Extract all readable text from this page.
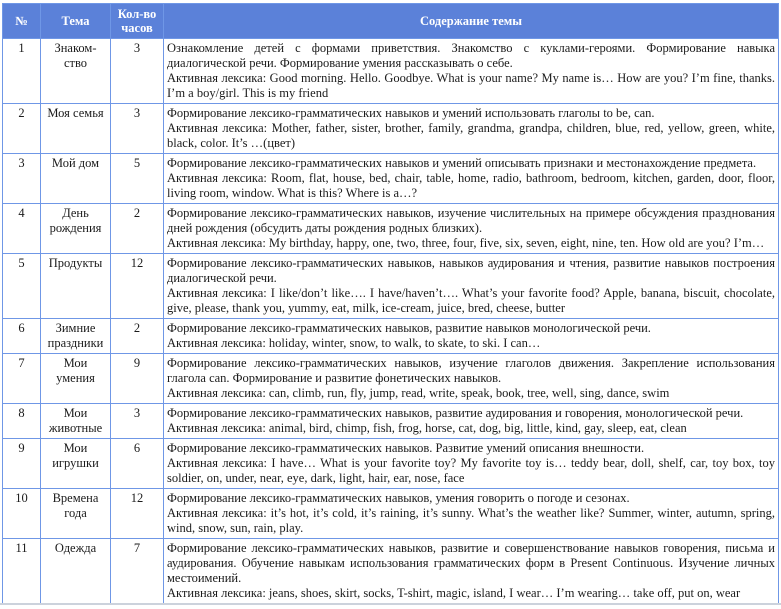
№	Тема	Кол-во часов	Содержание темы
1	Знаком-ство	3	Ознакомление детей с формами приветствия. Знакомство с куклами-героями. Формирование навыка диалогической речи. Формирование умения рассказывать о себе.
Активная лексика: Good morning. Hello. Goodbye. What is your name? My name is… How are you? I’m fine, thanks. I’m a boy/girl. This is my friend

2	Моя семья	3	Формирование лексико-грамматических навыков и умений использовать глаголы to be, can.
Активная лексика: Mother, father, sister, brother, family, grandma, grandpa, children, blue, red, yellow, green, white, black, color. It’s …(цвет)

3	Мой дом	5	Формирование лексико-грамматических навыков и умений описывать признаки и местонахождение предмета.
Активная лексика: Room, flat, house, bed, chair, table, home, radio, bathroom, bedroom, kitchen, garden, door, floor, living room, window. What is this? Where is a…?

4	День рождения	2	Формирование лексико-грамматических навыков, изучение числительных на примере обсуждения празднования дней рождения (обсудить даты рождения родных близких).
Активная лексика: My birthday, happy, one, two, three, four, five, six, seven, eight, nine, ten. How old are you? I’m…

5	Продукты	12	Формирование лексико-грамматических навыков, навыков аудирования и чтения, развитие навыков построения диалогической речи.
Активная лексика: I like/don’t like…. I have/haven’t…. What’s your favorite food? Apple, banana, biscuit, chocolate, give, please, thank you, yummy, eat, milk, ice-cream, juice, bred, cheese, butter

6	Зимние праздники	2	Формирование лексико-грамматических навыков, развитие навыков монологической речи.
Активная лексика: holiday, winter, snow, to walk, to skate, to ski. I can…

7	Мои умения	9	Формирование лексико-грамматических навыков, изучение глаголов движения. Закрепление использования глагола can. Формирование и развитие фонетических навыков.
Активная лексика: can, climb, run, fly, jump, read, write, speak, book, tree, well, sing, dance, swim

8	Мои животные	3	Формирование лексико-грамматических навыков, развитие аудирования и говорения, монологической речи.
Активная лексика: animal, bird, chimp, fish, frog, horse, cat, dog, big, little, kind, gay, sleep, eat, clean

9	Мои игрушки	6	Формирование лексико-грамматических навыков. Развитие умений описания внешности.
Активная лексика: I have… What is your favorite toy? My favorite toy is… teddy bear, doll, shelf, car, toy box, toy soldier, on, under, near, eye, dark, light, hair, ear, nose, face

10	Времена года	12	Формирование лексико-грамматических навыков, умения говорить о погоде и сезонах.
Активная лексика: it’s hot, it’s cold, it’s raining, it’s sunny. What’s the weather like? Summer, winter, autumn, spring, wind, snow, sun, rain, play.

11	Одежда	7	Формирование лексико-грамматических навыков, развитие и совершенствование навыков говорения, письма и аудирования. Обучение навыкам использования грамматических форм в Present Continuous. Изучение личных местоимений.
Активная лексика: jeans, shoes, skirt, socks, T-shirt, magic, island, I wear… I’m wearing… take off, put on, wear
